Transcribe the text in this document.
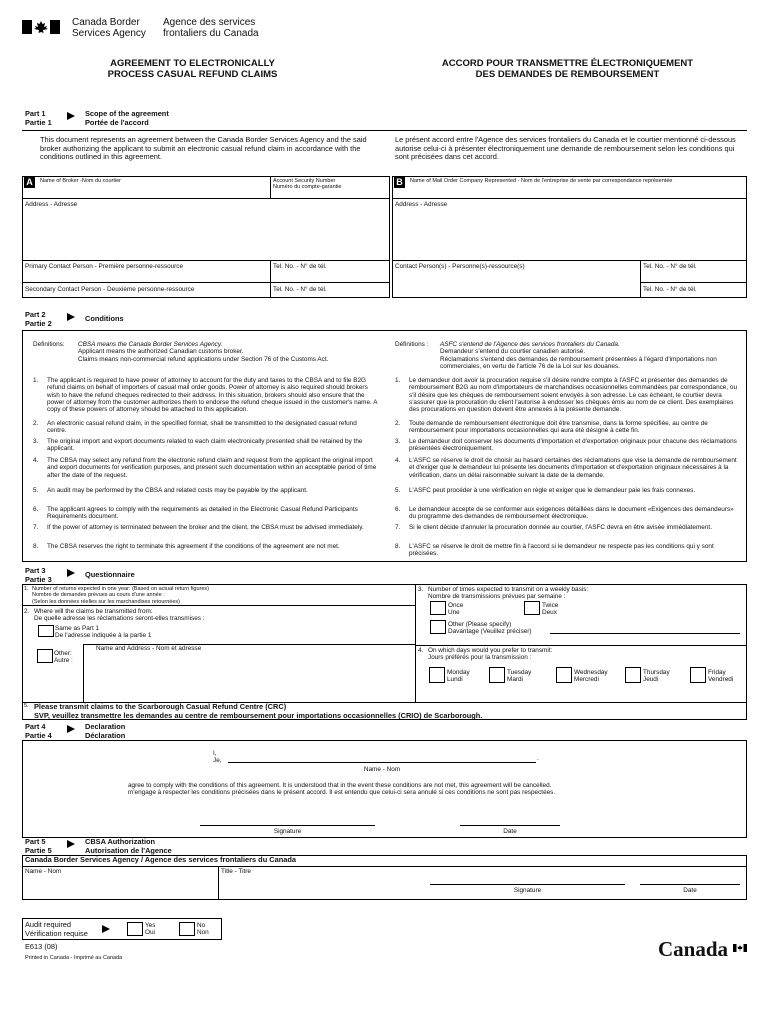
Canada Border
Services Agency
Agence des services
frontaliers du Canada
AGREEMENT TO ELECTRONICALLY
PROCESS CASUAL REFUND CLAIMS
ACCORD POUR TRANSMETTRE ÉLECTRONIQUEMENT
DES DEMANDES DE REMBOURSEMENT
Part 1
Partie 1
Scope of the agreement
Portée de l'accord
This document represents an agreement between the Canada Border Services Agency and the said broker authorizing the applicant to submit an electronic casual refund claim in accordance with the conditions outlined in this agreement.
Le présent accord entre l'Agence des services frontaliers du Canada et le courtier mentionné ci-dessous autorise celui-ci à présenter électroniquement une demande de remboursement selon les conditions qui sont précisées dans cet accord.
A	Name of Broker -Nom du courtier	Account Security Number
Numéro du compte-garantie
Address - Adresse
Primary Contact Person - Première personne-ressource	Tel. No. - N° de tél.
Secondary Contact Person - Deuxième personne-ressource	Tel. No. - N° de tél.
B	Name of Mail Order Company Represented - Nom de l'entreprise de vente par correspondance représentée
Address - Adresse
Contact Person(s) - Personne(s)-ressource(s)	Tel. No. - N° de tél.
Tel. No. - N° de tél.
Part 2
Partie 2
Conditions
Definitions: CBSA means the Canada Border Services Agency.
Applicant means the authorized Canadian customs broker.
Claims means non-commercial refund applications under Section 76 of the Customs Act.
Définitions : ASFC s'entend de l'Agence des services frontaliers du Canada.
Demandeur s'entend du courtier canadien autorisé.
Réclamations s'entend des demandes de remboursement présentées à l'égard d'importations non commerciales, en vertu de l'article 76 de la Loi sur les douanes.
1. The applicant is required to have power of attorney to account for the duty and taxes to the CBSA and to file B2G refund claims on behalf of importers of casual mail order goods. Power of attorney is also required should brokers wish to have the refund cheques redirected to their address. In this situation, brokers should also ensure that the power of attorney from the customer authorizes them to endorse the refund cheque issued in the customer's name. A copy of these powers of attorney should be attached to this application.
2. An electronic casual refund claim, in the specified format, shall be transmitted to the designated casual refund centre.
3. The original import and export documents related to each claim electronically presented shall be retained by the applicant.
4. The CBSA may select any refund from the electronic refund claim and request from the applicant the original import and export documents for verification purposes, and present such documentation within an acceptable period of time after the date of the request.
5. An audit may be performed by the CBSA and related costs may be payable by the applicant.
6. The applicant agrees to comply with the requirements as detailed in the Electronic Casual Refund Participants Requirements document.
7. If the power of attorney is terminated between the broker and the client, the CBSA must be advised immediately.
8. The CBSA reserves the right to terminate this agreement if the conditions of the agreement are not met.
1. Le demandeur doit avoir la procuration requise s'il désire rendre compte à l'ASFC et présenter des demandes de remboursement B2G au nom d'importateurs de marchandises occasionnelles commandées par correspondance, ou s'il désire que les chèques de remboursement soient envoyés à son adresse. Le cas échéant, le courtier devra s'assurer que la procuration du client l'autorise à endosser les chèques émis au nom de ce client. Des exemplaires des procurations en question doivent être annexés à la présente demande.
2. Toute demande de remboursement électronique doit être transmise, dans la forme spécifiée, au centre de remboursement pour importations occasionnelles qui aura été désigné à cette fin.
3. Le demandeur doit conserver les documents d'importation et d'exportation originaux pour chacune des réclamations présentées électroniquement.
4. L'ASFC se réserve le droit de choisir au hasard certaines des réclamations que vise la demande de remboursement et d'exiger que le demandeur lui présente les documents d'importation et d'exportation originaux nécessaires à la vérification, dans un délai raisonnable suivant la date de la demande.
5. L'ASFC peut procéder à une vérification en règle et exiger que le demandeur paie les frais connexes.
6. Le demandeur accepte de se conformer aux exigences détaillées dans le document «Exigences des demandeurs» du programme des demandes de remboursement électronique.
7. Si le client décide d'annuler la procuration donnée au courtier, l'ASFC devra en être avisée immédiatement.
8. L'ASFC se réserve le droit de mettre fin à l'accord si le demandeur ne respecte pas les conditions qui y sont précisées.
Part 3
Partie 3
Questionnaire
1. Number of returns expected in one year: (Based on actual return figures)
Nombre de demandes prévues au cours d'une année :
(Selon les données réelles sur les marchandises retournées)
2. Where will the claims be transmitted from:
De quelle adresse les réclamations seront-elles transmises :
Same as Part 1
De l'adresse indiquée à la partie 1
Other:
Autre :
Name and Address - Nom et adresse
3. Number of times expected to transmit on a weekly basis:
Nombre de transmissions prévues par semaine :
Once
Une
Twice
Deux
Other (Please specify)
Davantage (Veuillez préciser)
4. On which days would you prefer to transmit:
Jours préférés pour la transmission :
Monday
Lundi
Tuesday
Mardi
Wednesday
Mercredi
Thursday
Jeudi
Friday
Vendredi
5. Please transmit claims to the Scarborough Casual Refund Centre (CRC)
SVP, veuillez transmettre les demandes au centre de remboursement pour importations occasionnelles (CRIO) de Scarborough.
Part 4
Partie 4
Declaration
Déclaration
I,
Je,	.
Name - Nom
agree to comply with the conditions of this agreement. It is understood that in the event these conditions are not met, this agreement will be cancelled.
m'engage à respecter les conditions précisées dans le présent accord. Il est entendu que celui-ci sera annulé si ces conditions ne sont pas respectées.
Signature	Date
Part 5
Partie 5
CBSA Authorization
Autorisation de l'Agence
Canada Border Services Agency / Agence des services frontaliers du Canada
Name - Nom	Title - Titre
Signature	Date
Audit required
Vérification requise
Yes
Oui
No
Non
E613 (08)
Printed in Canada - Imprimé au Canada	Canada
